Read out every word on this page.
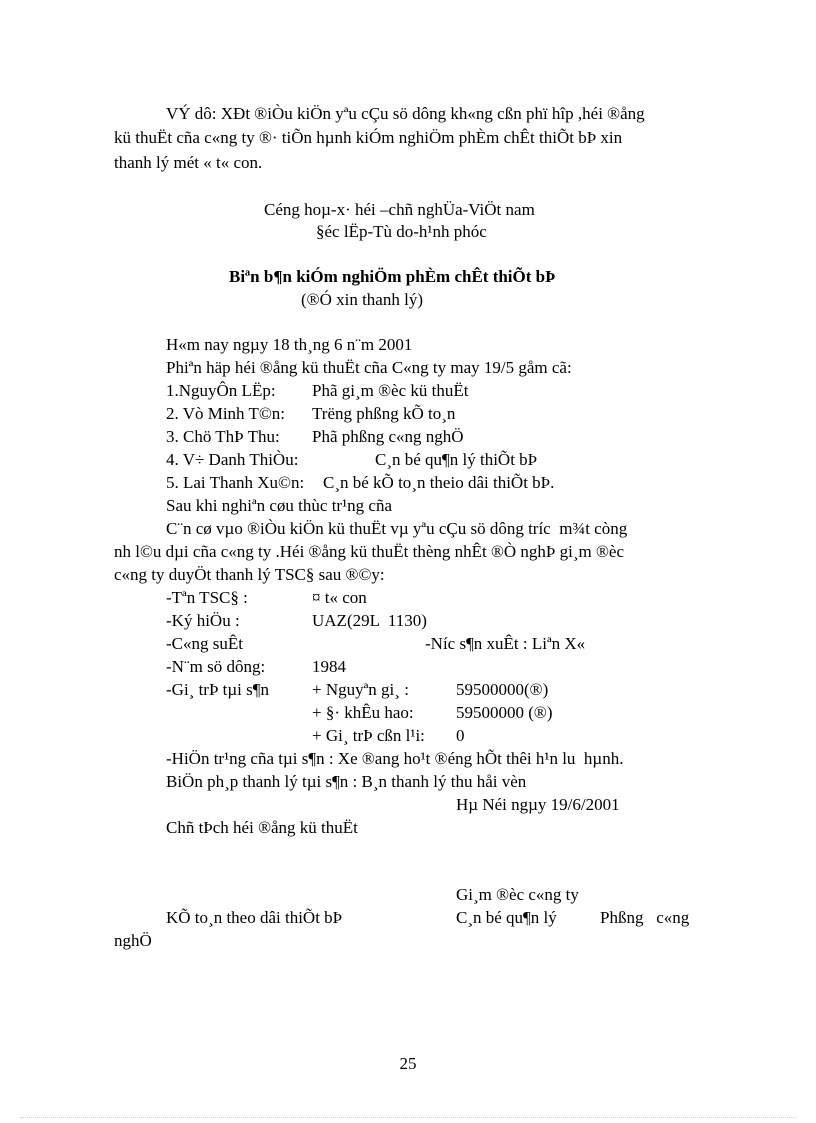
VÝ dô: XÐt ®iÒu kiÖn yªu cÇu sö dông kh«ng cßn phï hîp ,héi ®ång
kü thuËt cña c«ng ty ®· tiÕn hµnh kiÓm nghiÖm phÈm chÊt thiÕt bÞ xin
thanh lý mét « t« con.
Céng hoµ-x· héi –chñ nghÜa-ViÖt nam
§éc lËp-Tù do-h¹nh phóc
Biªn b¶n kiÓm nghiÖm phÈm chÊt thiÕt bÞ
(®Ó xin thanh lý)
H«m nay ngµy 18 th¸ng 6 n¨m 2001
Phiªn häp héi ®ång kü thuËt cña C«ng ty may 19/5 gåm cã:
1.NguyÔn LËp: Phã gi¸m ®èc kü thuËt
2. Vò Minh T©n: Trëng phßng kÕ to¸n
3. Chö ThÞ Thu: Phã phßng c«ng nghÖ
4. V÷ Danh ThiÒu:	C¸n bé qu¶n lý thiÕt bÞ
5. Lai Thanh Xu©n: C¸n bé kÕ to¸n theio dâi thiÕt bÞ.
Sau khi nghiªn cøu thùc tr¹ng cña
C¨n cø vµo ®iÒu kiÖn kü thuËt vµ yªu cÇu sö dông tríc  m¾t còng
nh l©u dµi cña c«ng ty .Héi ®ång kü thuËt thèng nhÊt ®Ò nghÞ gi¸m ®èc
c«ng ty duyÖt thanh lý TSC§ sau ®©y:
-Tªn TSC§ :	¤ t« con
-Ký hiÖu :	UAZ(29L  1130)
-C«ng suÊt	-Níc s¶n xuÊt : Liªn X«
-N¨m sö dông:	1984
-Gi¸ trÞ tµi s¶n	+ Nguyªn gi¸ :	59500000(®)
+ §· khÊu hao: 59500000 (®)
+ Gi¸ trÞ cßn l¹i: 0
-HiÖn tr¹ng cña tµi s¶n : Xe ®ang ho¹t ®éng hÕt thêi h¹n lu  hµnh.
BiÖn ph¸p thanh lý tµi s¶n : B¸n thanh lý thu håi vèn
Hµ Néi ngµy 19/6/2001
Chñ tÞch héi ®ång kü thuËt
Gi¸m ®èc c«ng ty
KÕ to¸n theo dâi thiÕt bÞ	C¸n bé qu¶n lý	Phßng   c«ng
nghÖ
25
